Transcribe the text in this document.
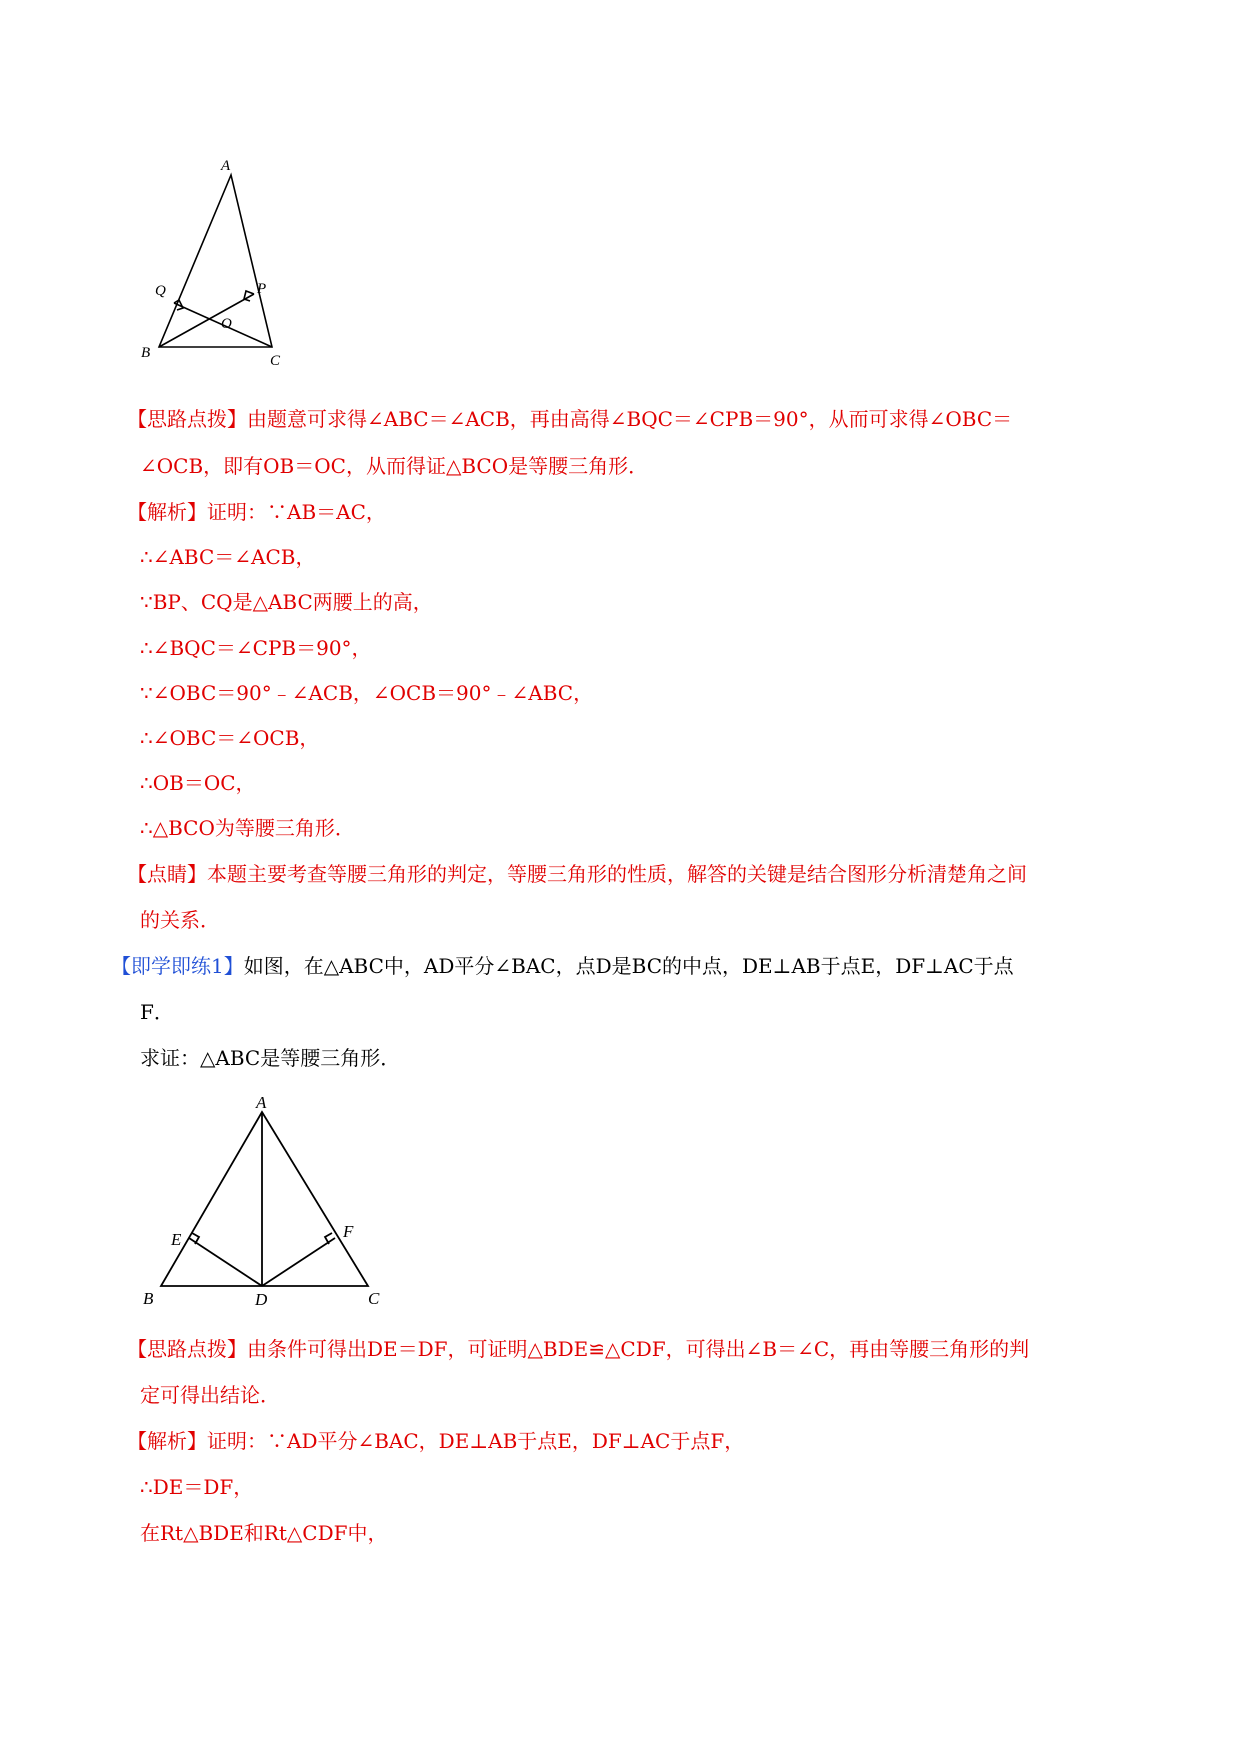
A
Q	P
O
B	C
【思路点拨】由题意可求得∠ABC＝∠ACB，再由高得∠BQC＝∠CPB＝90°，从而可求得∠OBC＝
∠OCB，即有OB＝OC，从而得证△BCO是等腰三角形．
【解析】证明：∵AB＝AC，
∴∠ABC＝∠ACB，
∵BP、CQ是△ABC两腰上的高，
∴∠BQC＝∠CPB＝90°，
∵∠OBC＝90°﹣∠ACB，∠OCB＝90°﹣∠ABC，
∴∠OBC＝∠OCB，
∴OB＝OC，
∴△BCO为等腰三角形．
【点睛】本题主要考查等腰三角形的判定，等腰三角形的性质，解答的关键是结合图形分析清楚角之间
的关系．
【即学即练1】如图，在△ABC中，AD平分∠BAC，点D是BC的中点，DE⊥AB于点E，DF⊥AC于点
F．
求证：△ABC是等腰三角形．
A
E	F
B	D	C
【思路点拨】由条件可得出DE＝DF，可证明△BDE≌△CDF，可得出∠B＝∠C，再由等腰三角形的判
定可得出结论．
【解析】证明：∵AD平分∠BAC，DE⊥AB于点E，DF⊥AC于点F，
∴DE＝DF，
在Rt△BDE和Rt△CDF中，
